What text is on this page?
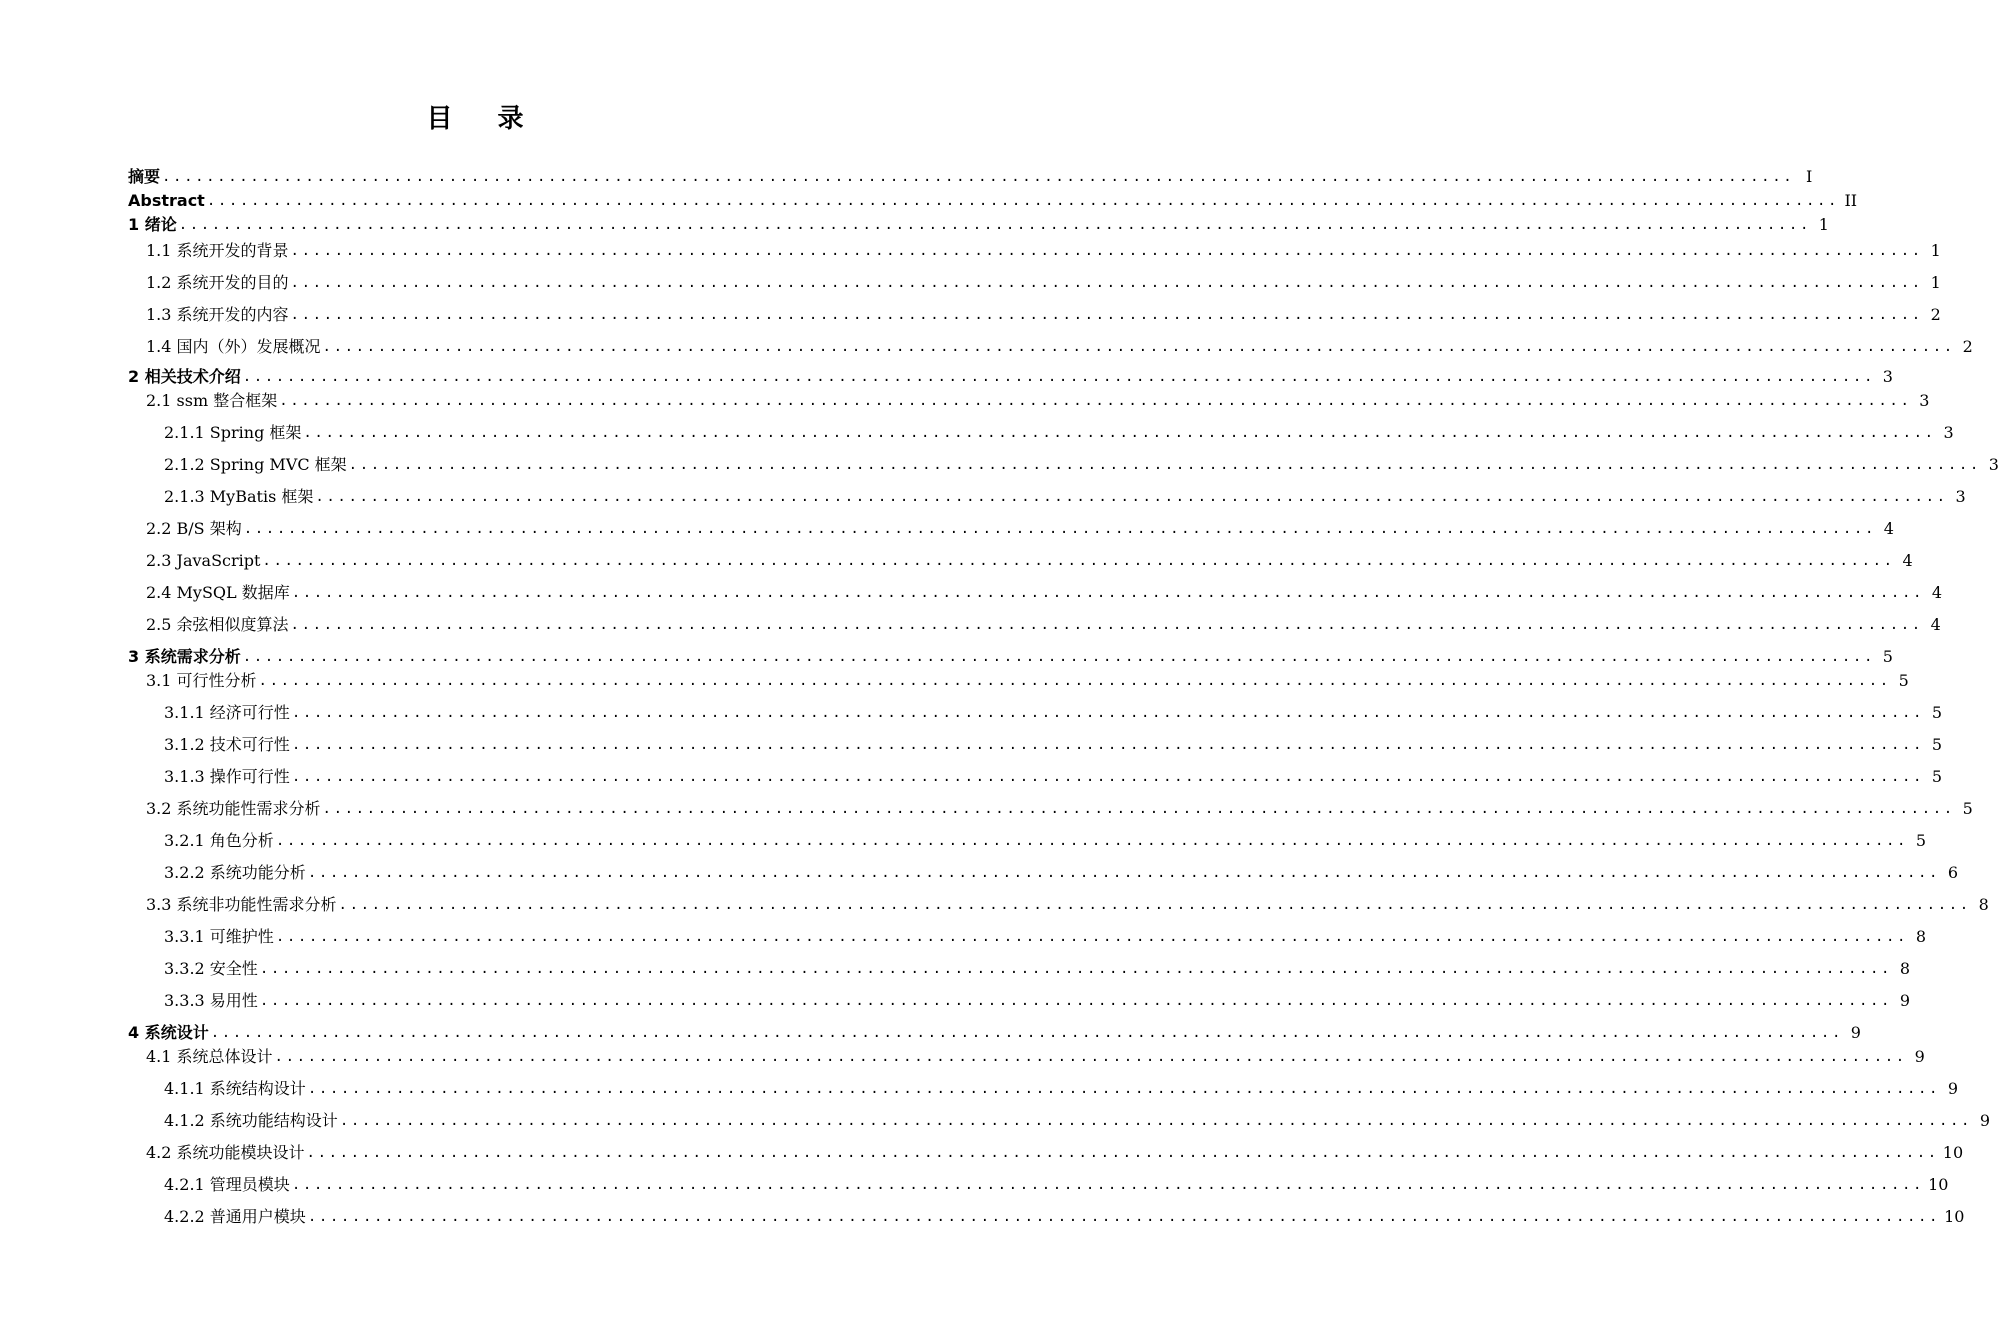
目 录
摘要 .................................................................................................................................................... I
Abstract .................................................................................................................................................... II
1 绪论 .................................................................................................................................................... 1
1.1 系统开发的背景 .................................................................................................................................................... 1
1.2 系统开发的目的 .................................................................................................................................................... 1
1.3 系统开发的内容 .................................................................................................................................................... 2
1.4 国内（外）发展概况 .................................................................................................................................................... 2
2 相关技术介绍 .................................................................................................................................................... 3
2.1 ssm 整合框架 .................................................................................................................................................... 3
2.1.1 Spring 框架 .................................................................................................................................................... 3
2.1.2 Spring MVC 框架 .................................................................................................................................................... 3
2.1.3 MyBatis 框架 .................................................................................................................................................... 3
2.2 B/S 架构 .................................................................................................................................................... 4
2.3 JavaScript .................................................................................................................................................... 4
2.4 MySQL 数据库 .................................................................................................................................................... 4
2.5 余弦相似度算法 .................................................................................................................................................... 4
3 系统需求分析 .................................................................................................................................................... 5
3.1 可行性分析 .................................................................................................................................................... 5
3.1.1 经济可行性 .................................................................................................................................................... 5
3.1.2 技术可行性 .................................................................................................................................................... 5
3.1.3 操作可行性 .................................................................................................................................................... 5
3.2 系统功能性需求分析 .................................................................................................................................................... 5
3.2.1 角色分析 .................................................................................................................................................... 5
3.2.2 系统功能分析 .................................................................................................................................................... 6
3.3 系统非功能性需求分析 .................................................................................................................................................... 8
3.3.1 可维护性 .................................................................................................................................................... 8
3.3.2 安全性 .................................................................................................................................................... 8
3.3.3 易用性 .................................................................................................................................................... 9
4 系统设计 .................................................................................................................................................... 9
4.1 系统总体设计 .................................................................................................................................................... 9
4.1.1 系统结构设计 .................................................................................................................................................... 9
4.1.2 系统功能结构设计 .................................................................................................................................................... 9
4.2 系统功能模块设计 .................................................................................................................................................... 10
4.2.1 管理员模块 .................................................................................................................................................... 10
4.2.2 普通用户模块 .................................................................................................................................................... 10
